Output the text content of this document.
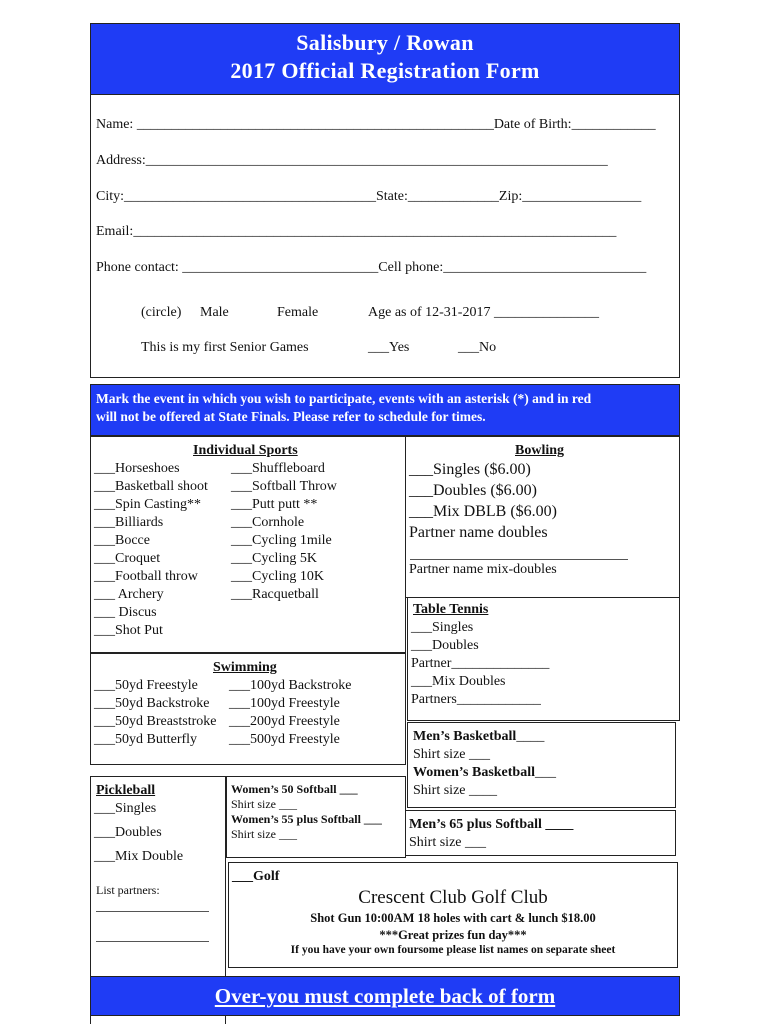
Salisbury / Rowan
2017 Official Registration Form
Name: ___________________________________________________Date of Birth:____________
Address:__________________________________________________________________
City:____________________________________State:_____________Zip:_________________
Email:_____________________________________________________________________
Phone contact: ____________________________Cell phone:_____________________________
(circle) Male	Female	Age as of 12-31-2017 _______________
This is my first Senior Games	___Yes	___No
Mark the event in which you wish to participate, events with an asterisk (*) and in red
will not be offered at State Finals. Please refer to schedule for times.
Individual Sports
___Horseshoes
___Basketball shoot
___Spin Casting**
___Billiards
___Bocce
___Croquet
___Football throw
___ Archery
___ Discus
___Shot Put
___Shuffleboard
___Softball Throw
___Putt putt **
___Cornhole
___Cycling 1mile
___Cycling 5K
___Cycling 10K
___Racquetball
Bowling
___Singles ($6.00)
___Doubles ($6.00)
___Mix DBLB ($6.00)
Partner name doubles
Partner name mix-doubles
Table Tennis
___Singles
___Doubles
Partner______________
___Mix Doubles
Partners____________
Swimming
___50yd Freestyle
___50yd Backstroke
___50yd Breaststroke
___50yd Butterfly
___100yd Backstroke
___100yd Freestyle
___200yd Freestyle
___500yd Freestyle	Men’s Basketball____
Shirt size ___
Women’s Basketball___
Shirt size ____
Pickleball
___Singles
___Doubles
___Mix Double
List partners:
Women’s 50 Softball ___
Shirt size ___
Women’s 55 plus Softball ___
Shirt size ___
Men’s 65 plus Softball ____
Shirt size ___
___Golf
Crescent Club Golf Club
Shot Gun 10:00AM 18 holes with cart & lunch $18.00
***Great prizes fun day***
If you have your own foursome please list names on separate sheet
Over-you must complete back of form
